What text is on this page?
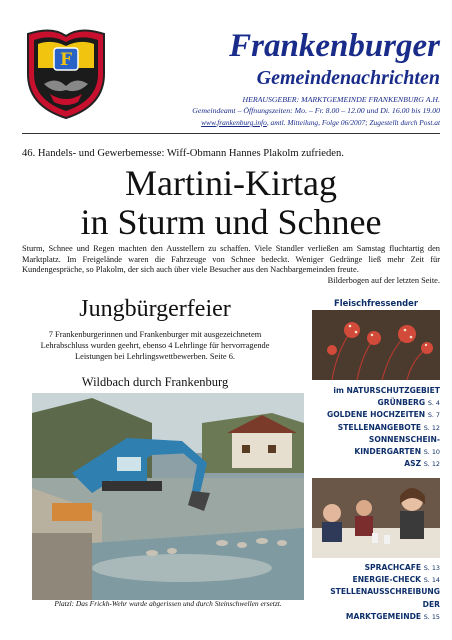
F	Frankenburger
Gemeindenachrichten
HERAUSGEBER: MARKTGEMEINDE FRANKENBURG A.H.
Gemeindeamt – Öffnungszeiten: Mo. – Fr. 8.00 – 12.00 und Di. 16.00 bis 19.00
www.frankenburg.info, amtl. Mitteilung, Folge 06/2007; Zugestellt durch Post.at
46. Handels- und Gewerbemesse: Wiff-Obmann Hannes Plakolm zufrieden.
Martini-Kirtag
in Sturm und Schnee
Sturm, Schnee und Regen machten den Ausstellern zu schaffen. Viele Standler verließen am Samstag fluchtartig den Marktplatz. Im Freigelände waren die Fahrzeuge von Schnee bedeckt. Weniger Gedränge ließ mehr Zeit für Kundengespräche, so Plakolm, der sich auch über viele Besucher aus den Nachbargemeinden freute.
Bilderbogen auf der letzten Seite.
Jungbürgerfeier
7 Frankenburgerinnen und Frankenburger mit ausgezeichnetem Lehrabschluss wurden geehrt, ebenso 4 Lehrlinge für hervorragende Leistungen bei Lehrlingswettbewerben. Seite 6.
Wildbach durch Frankenburg
Platzl: Das Frickh-Wehr wurde abgerissen und durch Steinschwellen ersetzt.
Fleischfressender
im NATURSCHUTZGEBIET
GRÜNBERG S. 4
GOLDENE HOCHZEITEN S. 7
STELLENANGEBOTE S. 12
SONNENSCHEIN-
KINDERGARTEN S. 10
ASZ S. 12
SPRACHCAFE S. 13
ENERGIE-CHECK S. 14
STELLENAUSSCHREIBUNG DER
MARKTGEMEINDE S. 15
